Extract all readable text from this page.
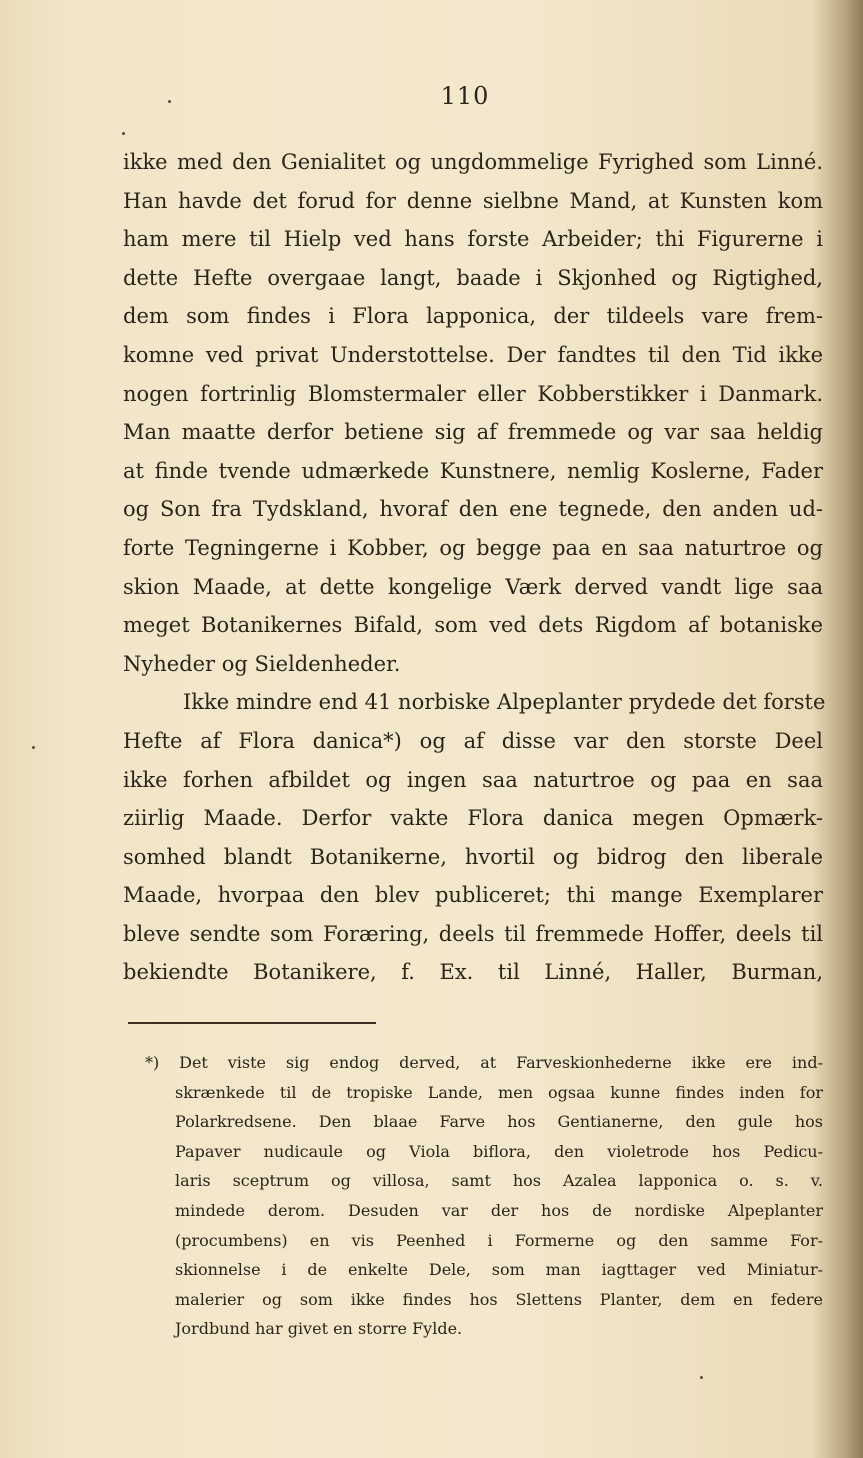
110
ikke med den Genialitet og ungdommelige Fyrighed som Linné.
Han havde det forud for denne sielbne Mand, at Kunsten kom
ham mere til Hielp ved hans forste Arbeider; thi Figurerne i
dette Hefte overgaae langt, baade i Skjonhed og Rigtighed,
dem som findes i Flora lapponica, der tildeels vare frem-
komne ved privat Understottelse. Der fandtes til den Tid ikke
nogen fortrinlig Blomstermaler eller Kobberstikker i Danmark.
Man maatte derfor betiene sig af fremmede og var saa heldig
at finde tvende udmærkede Kunstnere, nemlig Koslerne, Fader
og Son fra Tydskland, hvoraf den ene tegnede, den anden ud-
forte Tegningerne i Kobber, og begge paa en saa naturtroe og
skion Maade, at dette kongelige Værk derved vandt lige saa
meget Botanikernes Bifald, som ved dets Rigdom af botaniske
Nyheder og Sieldenheder.
Ikke mindre end 41 norbiske Alpeplanter prydede det forste
Hefte af Flora danica*) og af disse var den storste Deel
ikke forhen afbildet og ingen saa naturtroe og paa en saa
ziirlig Maade. Derfor vakte Flora danica megen Opmærk-
somhed blandt Botanikerne, hvortil og bidrog den liberale
Maade, hvorpaa den blev publiceret; thi mange Exemplarer
bleve sendte som Foræring, deels til fremmede Hoffer, deels til
bekiendte Botanikere, f. Ex. til Linné, Haller, Burman,
*) Det viste sig endog derved, at Farveskionhederne ikke ere ind-
skrænkede til de tropiske Lande, men ogsaa kunne findes inden for
Polarkredsene. Den blaae Farve hos Gentianerne, den gule hos
Papaver nudicaule og Viola biflora, den violetrode hos Pedicu-
laris sceptrum og villosa, samt hos Azalea lapponica o. s. v.
mindede derom. Desuden var der hos de nordiske Alpeplanter
(procumbens) en vis Peenhed i Formerne og den samme For-
skionnelse i de enkelte Dele, som man iagttager ved Miniatur-
malerier og som ikke findes hos Slettens Planter, dem en federe
Jordbund har givet en storre Fylde.
